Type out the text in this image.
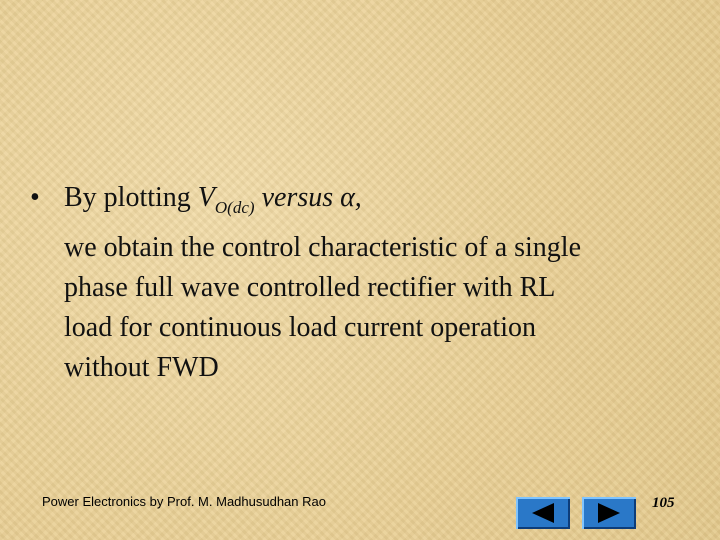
• By plotting $V_{O(dc)}$ versus α,
we obtain the control characteristic of a single
phase full wave controlled rectifier with RL
load for continuous load current operation
without FWD
Power Electronics by Prof. M. Madhusudhan Rao	105
